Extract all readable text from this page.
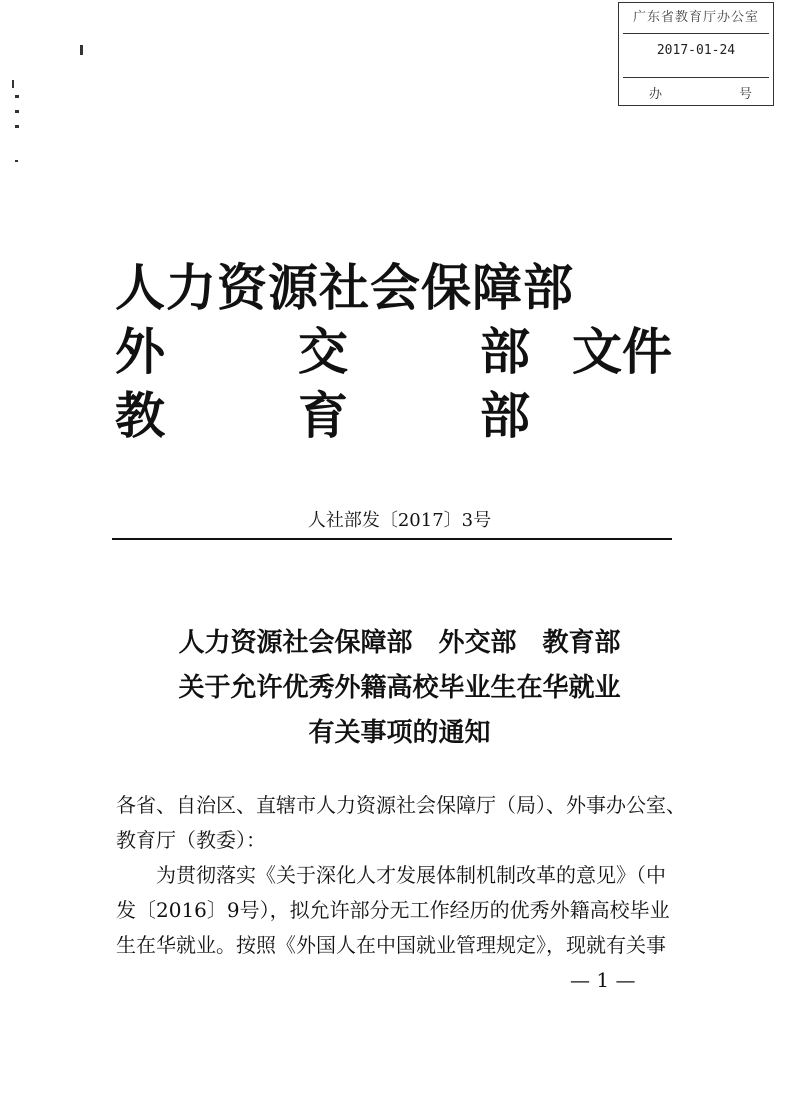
广东省教育厅办公室
2017-01-24
办	号
人力资源社会保障部
外	交	部 文件
教	育	部
人社部发〔2017〕3号
人力资源社会保障部　外交部　教育部
关于允许优秀外籍高校毕业生在华就业
有关事项的通知
各省、自治区、直辖市人力资源社会保障厅（局）、外事办公室、
教育厅（教委）：
　　为贯彻落实《关于深化人才发展体制机制改革的意见》（中
发〔2016〕9号），拟允许部分无工作经历的优秀外籍高校毕业
生在华就业。按照《外国人在中国就业管理规定》，现就有关事
— 1 —
